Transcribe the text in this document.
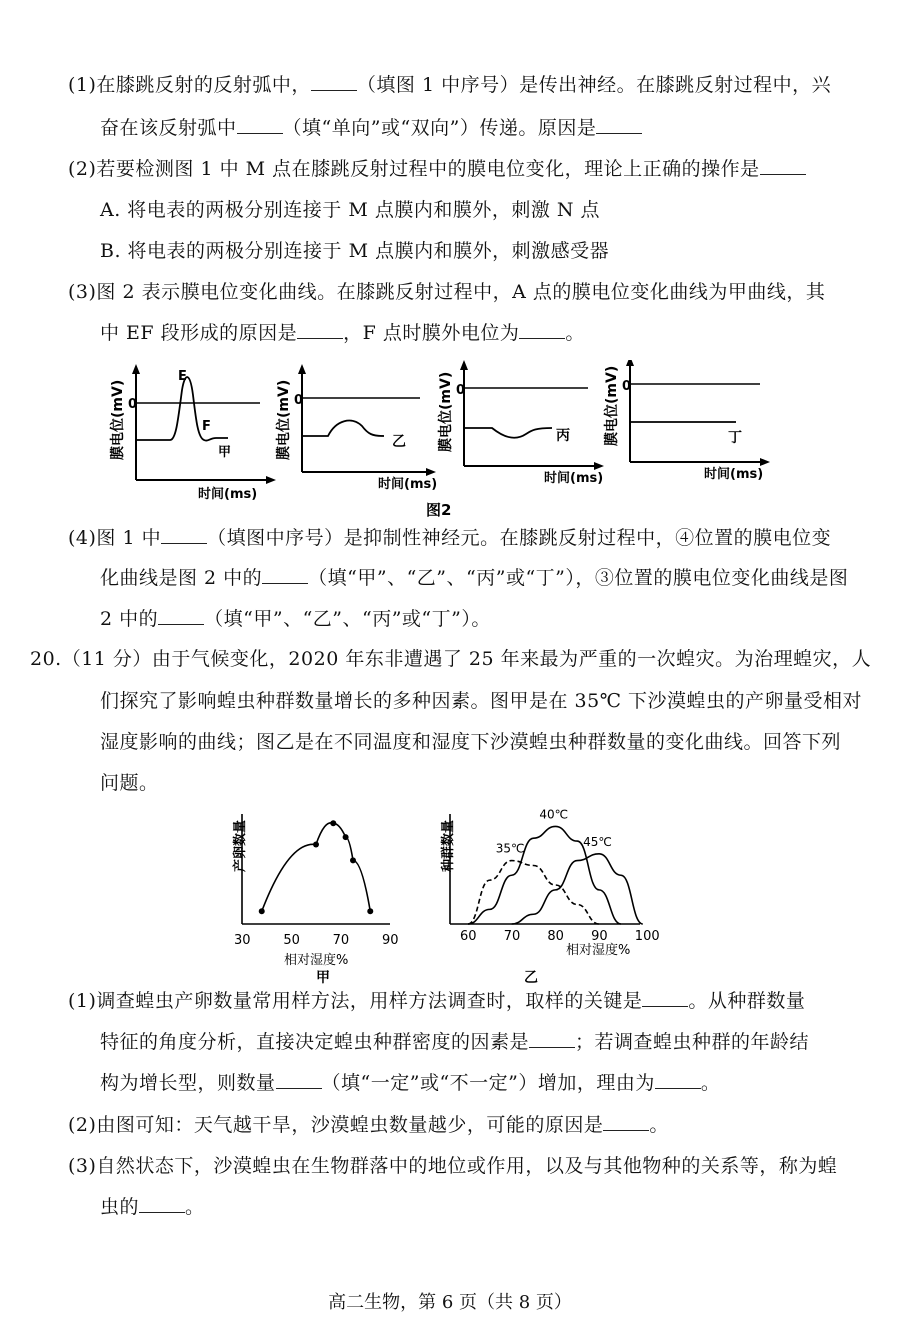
(1)在膝跳反射的反射弧中， （填图 1 中序号）是传出神经。在膝跳反射过程中，兴
奋在该反射弧中 （填“单向”或“双向”）传递。原因是
(2)若要检测图 1 中 M 点在膝跳反射过程中的膜电位变化，理论上正确的操作是
A. 将电表的两极分别连接于 M 点膜内和膜外，刺激 N 点
B. 将电表的两极分别连接于 M 点膜内和膜外，刺激感受器
(3)图 2 表示膜电位变化曲线。在膝跳反射过程中，A 点的膜电位变化曲线为甲曲线，其
中 EF 段形成的原因是 ，F 点时膜外电位为 。
膜电位(mV) 0
E
F
甲
时间(ms)
膜电位(mV) 0
乙
时间(ms)
膜电位(mV) 0
丙
时间(ms)
膜电位(mV) 0
丁
时间(ms)
图2
(4)图 1 中 （填图中序号）是抑制性神经元。在膝跳反射过程中，④位置的膜电位变
化曲线是图 2 中的 （填“甲”、“乙”、“丙”或“丁”），③位置的膜电位变化曲线是图
2 中的 （填“甲”、“乙”、“丙”或“丁”）。
20.（11 分）由于气候变化，2020 年东非遭遇了 25 年来最为严重的一次蝗灾。为治理蝗灾，人
们探究了影响蝗虫种群数量增长的多种因素。图甲是在 35℃ 下沙漠蝗虫的产卵量受相对
湿度影响的曲线；图乙是在不同温度和湿度下沙漠蝗虫种群数量的变化曲线。回答下列
问题。
产卵数量
30	50	70	90
相对湿度%
甲
种群数量
60 70 80 90 100
35℃
40℃
45℃
相对湿度%
乙
(1)调查蝗虫产卵数量常用样方法，用样方法调查时，取样的关键是 。从种群数量
特征的角度分析，直接决定蝗虫种群密度的因素是 ；若调查蝗虫种群的年龄结
构为增长型，则数量 （填“一定”或“不一定”）增加，理由为 。
(2)由图可知：天气越干旱，沙漠蝗虫数量越少，可能的原因是 。
(3)自然状态下，沙漠蝗虫在生物群落中的地位或作用，以及与其他物种的关系等，称为蝗
虫的 。
高二生物，第 6 页（共 8 页）
